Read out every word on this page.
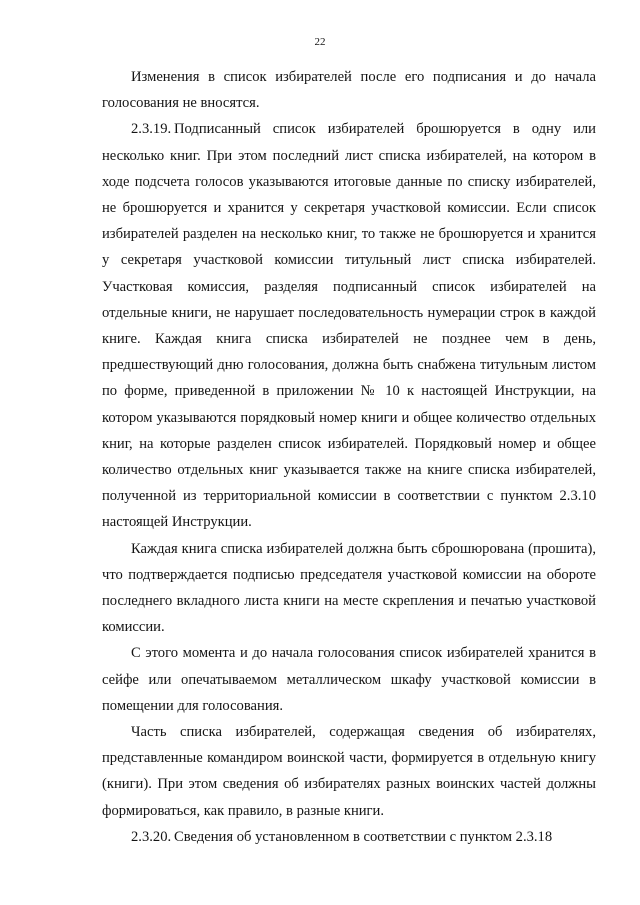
22

Изменения в список избирателей после его подписания и до начала голосования не вносятся.

2.3.19. Подписанный список избирателей брошюруется в одну или несколько книг. При этом последний лист списка избирателей, на котором в ходе подсчета голосов указываются итоговые данные по списку избирателей, не брошюруется и хранится у секретаря участковой комиссии. Если список избирателей разделен на несколько книг, то также не брошюруется и хранится у секретаря участковой комиссии титульный лист списка избирателей. Участковая комиссия, разделяя подписанный список избирателей на отдельные книги, не нарушает последовательность нумерации строк в каждой книге. Каждая книга списка избирателей не позднее чем в день, предшествующий дню голосования, должна быть снабжена титульным листом по форме, приведенной в приложении № 10 к настоящей Инструкции, на котором указываются порядковый номер книги и общее количество отдельных книг, на которые разделен список избирателей. Порядковый номер и общее количество отдельных книг указывается также на книге списка избирателей, полученной из территориальной комиссии в соответствии с пунктом 2.3.10 настоящей Инструкции.

Каждая книга списка избирателей должна быть сброшюрована (прошита), что подтверждается подписью председателя участковой комиссии на обороте последнего вкладного листа книги на месте скрепления и печатью участковой комиссии.

С этого момента и до начала голосования список избирателей хранится в сейфе или опечатываемом металлическом шкафу участковой комиссии в помещении для голосования.

Часть списка избирателей, содержащая сведения об избирателях, представленные командиром воинской части, формируется в отдельную книгу (книги). При этом сведения об избирателях разных воинских частей должны формироваться, как правило, в разные книги.

2.3.20. Сведения об установленном в соответствии с пунктом 2.3.18
